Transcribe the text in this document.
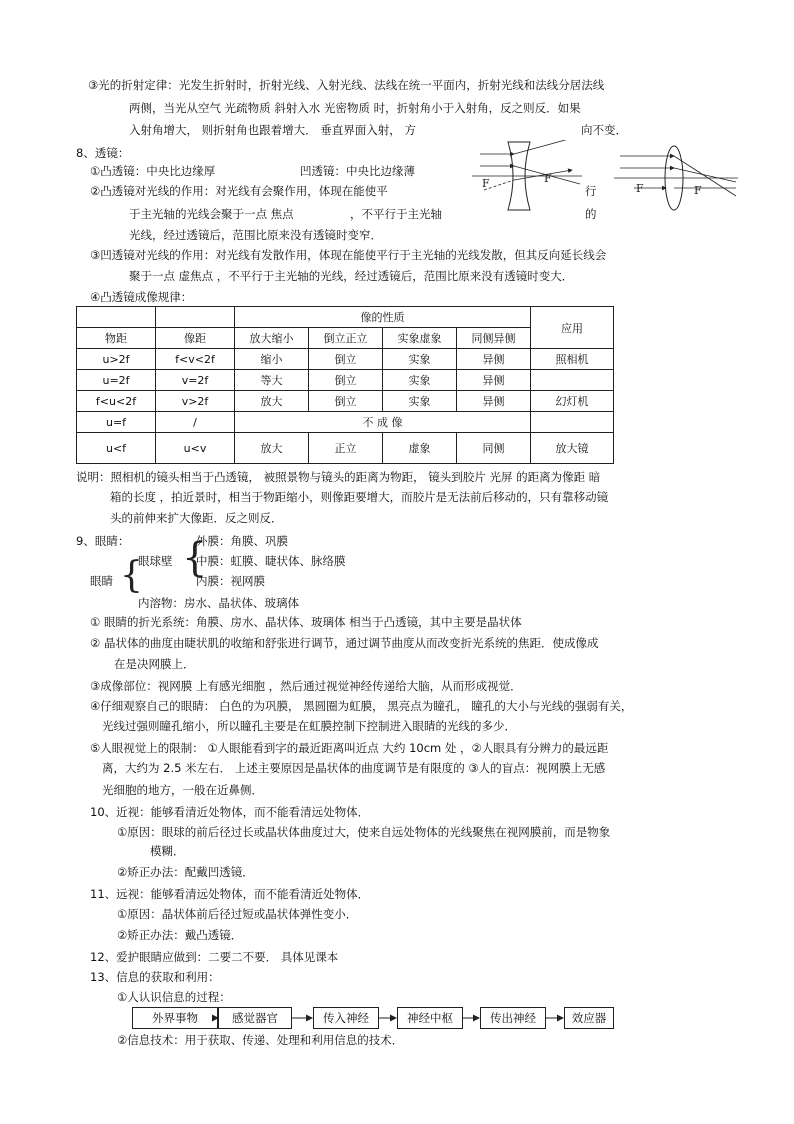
③光的折射定律：光发生折射时，折射光线、入射光线、法线在统一平面内，折射光线和法线分居法线
两侧，当光从空气 光疏物质 斜射入水 光密物质 时，折射角小于入射角，反之则反．如果
入射角增大， 则折射角也跟着增大． 垂直界面入射， 方	向不变．
8、透镜：
①凸透镜：中央比边缘厚	凹透镜：中央比边缘薄
②凸透镜对光线的作用：对光线有会聚作用，体现在能使平	行
于主光轴的光线会聚于一点 焦点	，不平行于主光轴	的
光线，经过透镜后，范围比原来没有透镜时变窄．
③凹透镜对光线的作用：对光线有发散作用，体现在能使平行于主光轴的光线发散，但其反向延长线会
聚于一点 虚焦点 ，不平行于主光轴的光线，经过透镜后，范围比原来没有透镜时变大．
④凸透镜成像规律：
F	F
F	F
		像的性质				应用
物距	像距	放大缩小	倒立正立	实象虚象	同侧异侧	
u>2f	f<v<2f	缩小	倒立	实象	异侧	照相机
u=2f	v=2f	等大	倒立	实象	异侧	
f<u<2f	v>2f	放大	倒立	实象	异侧	幻灯机
u=f	/	不 成 像				
u<f	u<v	放大	正立	虚象	同侧	放大镜
说明：照相机的镜头相当于凸透镜， 被照景物与镜头的距离为物距， 镜头到胶片 光屏 的距离为像距 暗
箱的长度 ，拍近景时，相当于物距缩小，则像距要增大，而胶片是无法前后移动的，只有靠移动镜
头的前伸来扩大像距．反之则反．
9、眼睛：
眼睛 {
眼球壁 {
外膜：角膜、巩膜
中膜：虹膜、睫状体、脉络膜
内膜：视网膜
内溶物：房水、晶状体、玻璃体
① 眼睛的折光系统：角膜、房水、晶状体、玻璃体 相当于凸透镜，其中主要是晶状体
② 晶状体的曲度由睫状肌的收缩和舒张进行调节，通过调节曲度从而改变折光系统的焦距．使成像成
在是决网膜上．
③成像部位：视网膜 上有感光细胞 ，然后通过视觉神经传递给大脑，从而形成视觉．
④仔细观察自己的眼睛： 白色的为巩膜， 黑圆圈为虹膜， 黑亮点为瞳孔， 瞳孔的大小与光线的强弱有关，
光线过强则瞳孔缩小，所以瞳孔主要是在虹膜控制下控制进入眼睛的光线的多少．
⑤人眼视觉上的限制： ①人眼能看到字的最近距离叫近点 大约 10cm 处 ，②人眼具有分辨力的最远距
离，大约为 2.5 米左右． 上述主要原因是晶状体的曲度调节是有限度的 ③人的盲点：视网膜上无感
光细胞的地方，一般在近鼻侧．
10、近视：能够看清近处物体，而不能看清远处物体．
①原因：眼球的前后径过长或晶状体曲度过大，使来自远处物体的光线聚焦在视网膜前，而是物象
模糊．
②矫正办法：配戴凹透镜．
11、远视：能够看清远处物体，而不能看清近处物体．
①原因：晶状体前后径过短或晶状体弹性变小．
②矫正办法：戴凸透镜．
12、爱护眼睛应做到：二要二不要． 具体见课本
13、信息的获取和利用：
①人认识信息的过程：
外界事物	感觉器官	传入神经	神经中枢	传出神经	效应器
②信息技术：用于获取、传递、处理和利用信息的技术．
